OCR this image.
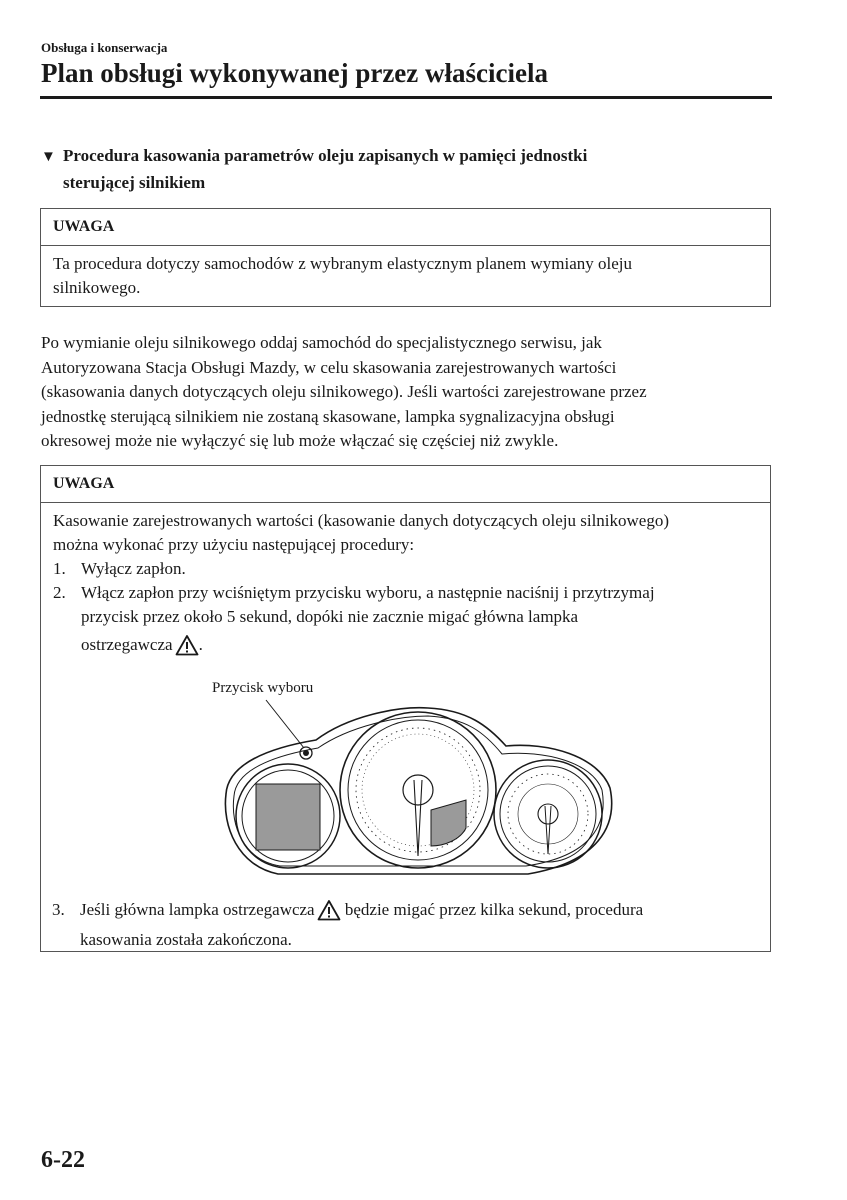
Obsługa i konserwacja
Plan obsługi wykonywanej przez właściciela
▼ Procedura kasowania parametrów oleju zapisanych w pamięci jednostki
sterującej silnikiem
UWAGA
Ta procedura dotyczy samochodów z wybranym elastycznym planem wymiany oleju
silnikowego.
Po wymianie oleju silnikowego oddaj samochód do specjalistycznego serwisu, jak
Autoryzowana Stacja Obsługi Mazdy, w celu skasowania zarejestrowanych wartości
(skasowania danych dotyczących oleju silnikowego). Jeśli wartości zarejestrowane przez
jednostkę sterującą silnikiem nie zostaną skasowane, lampka sygnalizacyjna obsługi
okresowej może nie wyłączyć się lub może włączać się częściej niż zwykle.
UWAGA
Kasowanie zarejestrowanych wartości (kasowanie danych dotyczących oleju silnikowego)
można wykonać przy użyciu następującej procedury:
1. Wyłącz zapłon.
2. Włącz zapłon przy wciśniętym przycisku wyboru, a następnie naciśnij i przytrzymaj
przycisk przez około 5 sekund, dopóki nie zacznie migać główna lampka
ostrzegawcza .
Przycisk wyboru
3. Jeśli główna lampka ostrzegawcza będzie migać przez kilka sekund, procedura
kasowania została zakończona.
6-22
